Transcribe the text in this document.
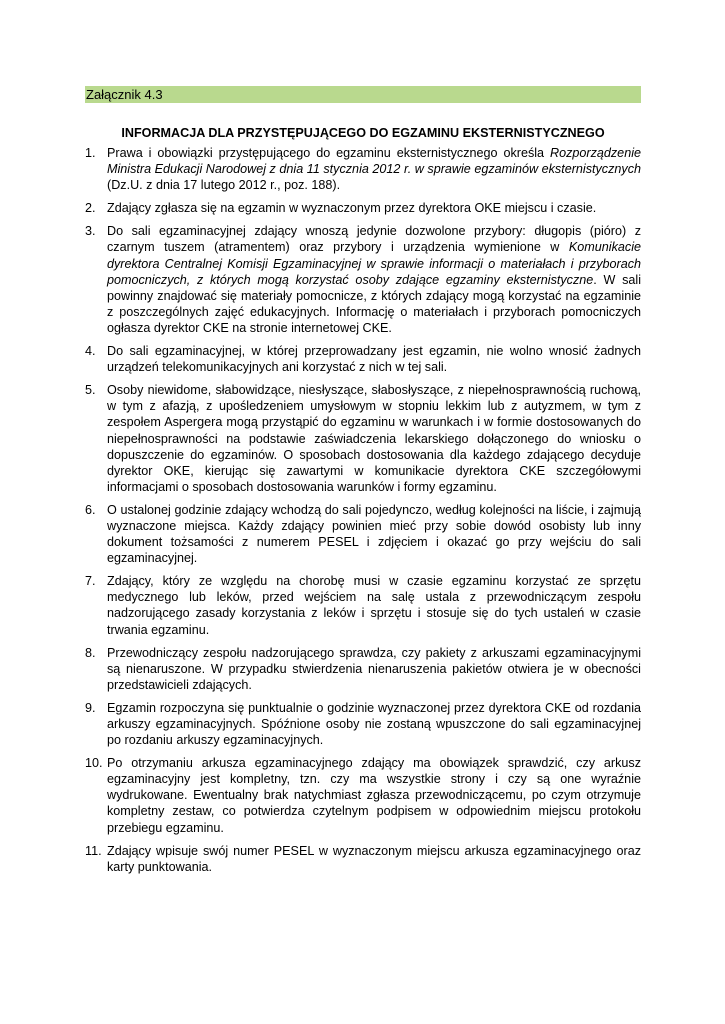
Załącznik 4.3
INFORMACJA DLA PRZYSTĘPUJĄCEGO DO EGZAMINU EKSTERNISTYCZNEGO
1. Prawa i obowiązki przystępującego do egzaminu eksternistycznego określa Rozporządzenie Ministra Edukacji Narodowej z dnia 11 stycznia 2012 r. w sprawie egzaminów eksternistycznych (Dz.U. z dnia 17 lutego 2012 r., poz. 188).
2. Zdający zgłasza się na egzamin w wyznaczonym przez dyrektora OKE miejscu i czasie.
3. Do sali egzaminacyjnej zdający wnoszą jedynie dozwolone przybory: długopis (pióro) z czarnym tuszem (atramentem) oraz przybory i urządzenia wymienione w Komunikacie dyrektora Centralnej Komisji Egzaminacyjnej w sprawie informacji o materiałach i przyborach pomocniczych, z których mogą korzystać osoby zdające egzaminy eksternistyczne. W sali powinny znajdować się materiały pomocnicze, z których zdający mogą korzystać na egzaminie z poszczególnych zajęć edukacyjnych. Informację o materiałach i przyborach pomocniczych ogłasza dyrektor CKE na stronie internetowej CKE.
4. Do sali egzaminacyjnej, w której przeprowadzany jest egzamin, nie wolno wnosić żadnych urządzeń telekomunikacyjnych ani korzystać z nich w tej sali.
5. Osoby niewidome, słabowidzące, niesłyszące, słabosłyszące, z niepełnosprawnością ruchową, w tym z afazją, z upośledzeniem umysłowym w stopniu lekkim lub z autyzmem, w tym z zespołem Aspergera mogą przystąpić do egzaminu w warunkach i w formie dostosowanych do niepełnosprawności na podstawie zaświadczenia lekarskiego dołączonego do wniosku o dopuszczenie do egzaminów. O sposobach dostosowania dla każdego zdającego decyduje dyrektor OKE, kierując się zawartymi w komunikacie dyrektora CKE szczegółowymi informacjami o sposobach dostosowania warunków i formy egzaminu.
6. O ustalonej godzinie zdający wchodzą do sali pojedynczo, według kolejności na liście, i zajmują wyznaczone miejsca. Każdy zdający powinien mieć przy sobie dowód osobisty lub inny dokument tożsamości z numerem PESEL i zdjęciem i okazać go przy wejściu do sali egzaminacyjnej.
7. Zdający, który ze względu na chorobę musi w czasie egzaminu korzystać ze sprzętu medycznego lub leków, przed wejściem na salę ustala z przewodniczącym zespołu nadzorującego zasady korzystania z leków i sprzętu i stosuje się do tych ustaleń w czasie trwania egzaminu.
8. Przewodniczący zespołu nadzorującego sprawdza, czy pakiety z arkuszami egzaminacyjnymi są nienaruszone. W przypadku stwierdzenia nienaruszenia pakietów otwiera je w obecności przedstawicieli zdających.
9. Egzamin rozpoczyna się punktualnie o godzinie wyznaczonej przez dyrektora CKE od rozdania arkuszy egzaminacyjnych. Spóźnione osoby nie zostaną wpuszczone do sali egzaminacyjnej po rozdaniu arkuszy egzaminacyjnych.
10. Po otrzymaniu arkusza egzaminacyjnego zdający ma obowiązek sprawdzić, czy arkusz egzaminacyjny jest kompletny, tzn. czy ma wszystkie strony i czy są one wyraźnie wydrukowane. Ewentualny brak natychmiast zgłasza przewodniczącemu, po czym otrzymuje kompletny zestaw, co potwierdza czytelnym podpisem w odpowiednim miejscu protokołu przebiegu egzaminu.
11. Zdający wpisuje swój numer PESEL w wyznaczonym miejscu arkusza egzaminacyjnego oraz karty punktowania.
